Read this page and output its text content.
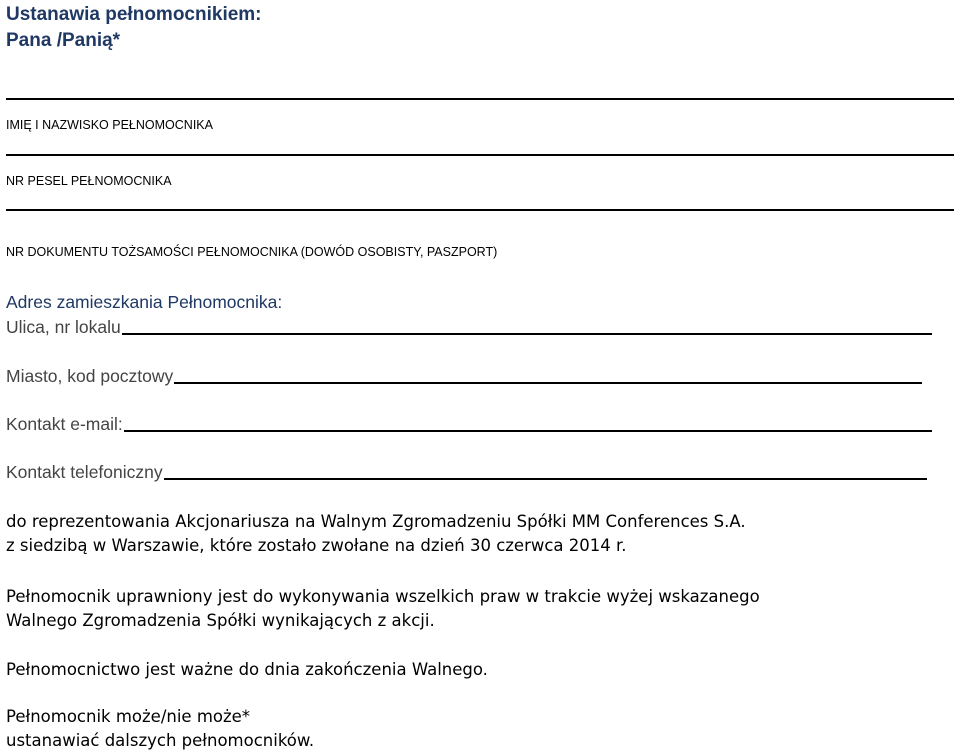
Ustanawia pełnomocnikiem:
Pana /Panią*
IMIĘ I NAZWISKO PEŁNOMOCNIKA
NR PESEL PEŁNOMOCNIKA
NR DOKUMENTU TOŻSAMOŚCI PEŁNOMOCNIKA (DOWÓD OSOBISTY, PASZPORT)
Adres zamieszkania Pełnomocnika:
Ulica, nr lokalu
Miasto, kod pocztowy
Kontakt e-mail:
Kontakt telefoniczny
do reprezentowania Akcjonariusza na Walnym Zgromadzeniu Spółki MM Conferences S.A.
z siedzibą w Warszawie, które zostało zwołane na dzień 30 czerwca 2014 r.
Pełnomocnik uprawniony jest do wykonywania wszelkich praw w trakcie wyżej wskazanego
Walnego Zgromadzenia Spółki wynikających z akcji.
Pełnomocnictwo jest ważne do dnia zakończenia Walnego.
Pełnomocnik może/nie może*
ustanawiać dalszych pełnomocników.
